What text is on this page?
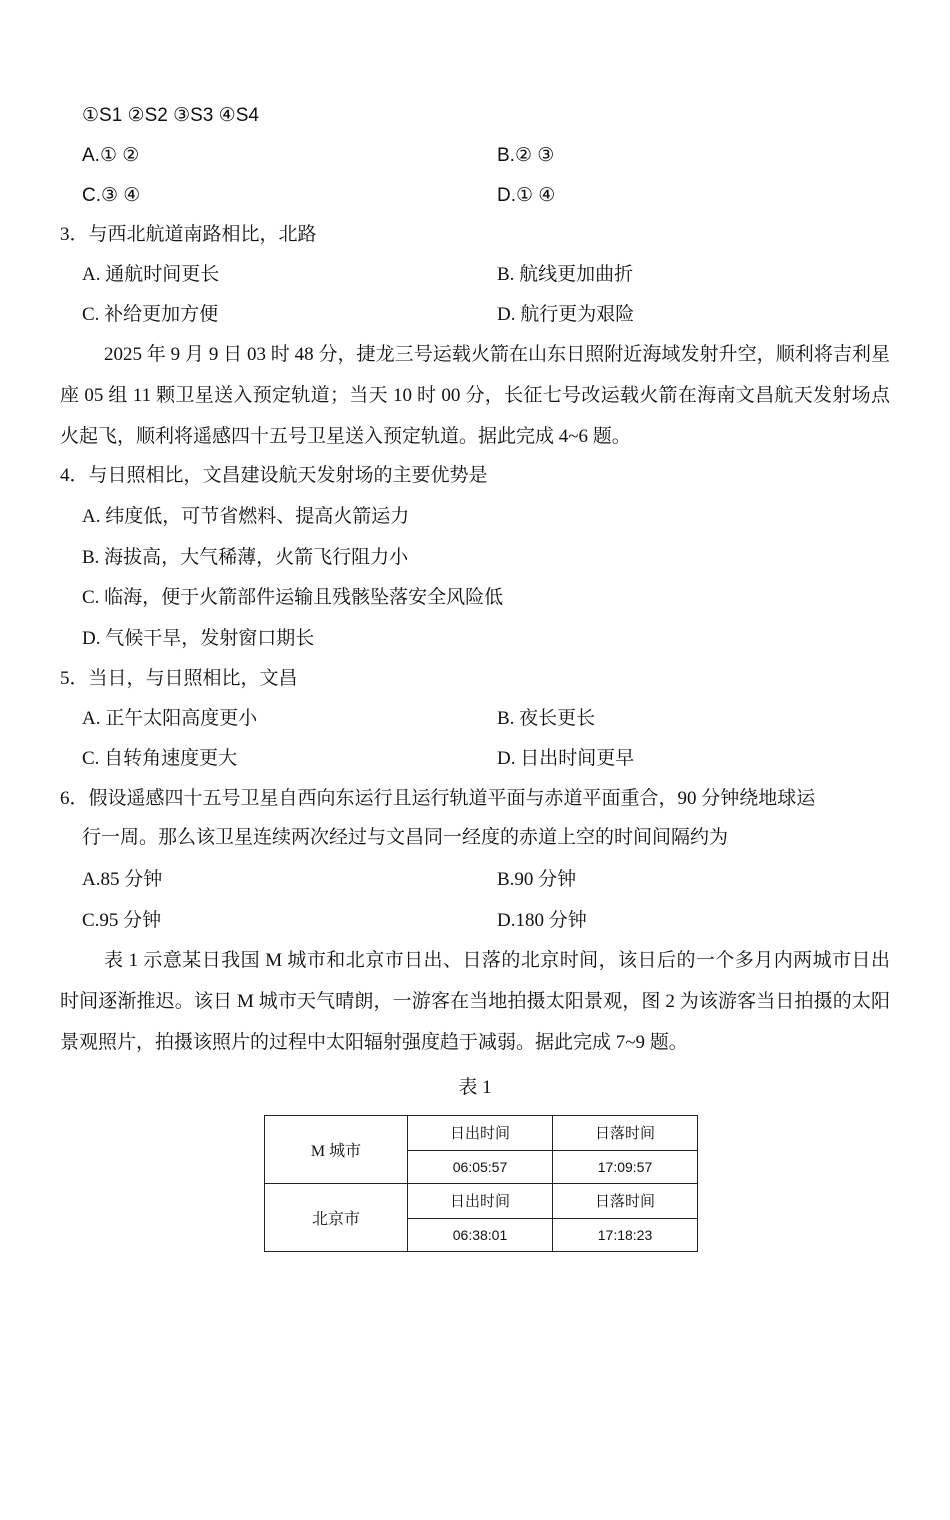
①S1 ②S2 ③S3 ④S4
A.① ②	B.② ③
C.③ ④	D.① ④
3．与西北航道南路相比，北路
A. 通航时间更长	B. 航线更加曲折
C. 补给更加方便	D. 航行更为艰险
2025 年 9 月 9 日 03 时 48 分，捷龙三号运载火箭在山东日照附近海域发射升空，顺利将吉利星座 05 组 11 颗卫星送入预定轨道；当天 10 时 00 分，长征七号改运载火箭在海南文昌航天发射场点火起飞，顺利将遥感四十五号卫星送入预定轨道。据此完成 4~6 题。
4．与日照相比，文昌建设航天发射场的主要优势是
A. 纬度低，可节省燃料、提高火箭运力
B. 海拔高，大气稀薄，火箭飞行阻力小
C. 临海，便于火箭部件运输且残骸坠落安全风险低
D. 气候干旱，发射窗口期长
5．当日，与日照相比，文昌
A. 正午太阳高度更小	B. 夜长更长
C. 自转角速度更大	D. 日出时间更早
6．假设遥感四十五号卫星自西向东运行且运行轨道平面与赤道平面重合，90 分钟绕地球运
行一周。那么该卫星连续两次经过与文昌同一经度的赤道上空的时间间隔约为
A.85 分钟	B.90 分钟
C.95 分钟	D.180 分钟
表 1 示意某日我国 M 城市和北京市日出、日落的北京时间，该日后的一个多月内两城市日出时间逐渐推迟。该日 M 城市天气晴朗，一游客在当地拍摄太阳景观，图 2 为该游客当日拍摄的太阳景观照片，拍摄该照片的过程中太阳辐射强度趋于减弱。据此完成 7~9 题。
表 1
M 城市	日出时间	日落时间
	06:05:57	17:09:57
北京市	日出时间	日落时间
	06:38:01	17:18:23
